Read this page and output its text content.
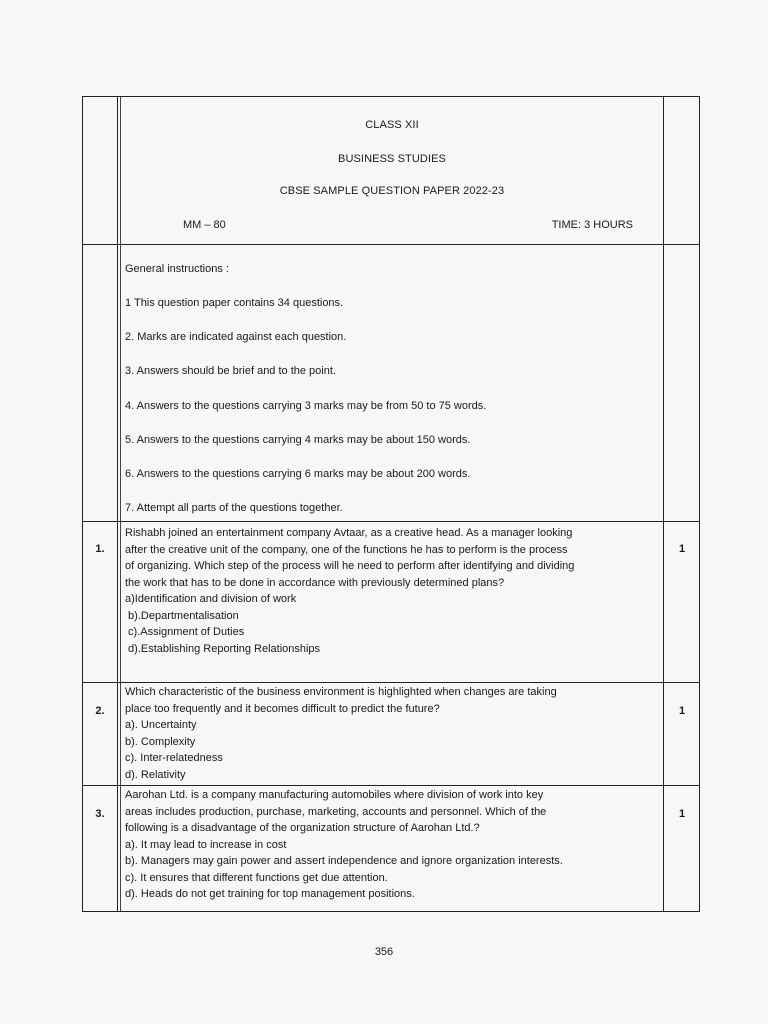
CLASS XII
BUSINESS STUDIES
CBSE SAMPLE QUESTION PAPER 2022-23
MM – 80	TIME: 3 HOURS
General instructions :
1 This question paper contains 34 questions.
2. Marks are indicated against each question.
3. Answers should be brief and to the point.
4. Answers to the questions carrying 3 marks may be from 50 to 75 words.
5. Answers to the questions carrying 4 marks may be about 150 words.
6. Answers to the questions carrying 6 marks may be about 200 words.
7. Attempt all parts of the questions together.
1.
Rishabh joined an entertainment company Avtaar, as a creative head. As a manager looking
after the creative unit of the company, one of the functions he has to perform is the process
of organizing. Which step of the process will he need to perform after identifying and dividing
the work that has to be done in accordance with previously determined plans?
a)Identification and division of work
b).Departmentalisation
c).Assignment of Duties
d).Establishing Reporting Relationships
1
2.
Which characteristic of the business environment is highlighted when changes are taking
place too frequently and it becomes difficult to predict the future?
a). Uncertainty
b). Complexity
c). Inter-relatedness
d). Relativity
1
3.
Aarohan Ltd. is a company manufacturing automobiles where division of work into key
areas includes production, purchase, marketing, accounts and personnel. Which of the
following is a disadvantage of the organization structure of Aarohan Ltd.?
a). It may lead to increase in cost
b). Managers may gain power and assert independence and ignore organization interests.
c). It ensures that different functions get due attention.
d). Heads do not get training for top management positions.
1
356
